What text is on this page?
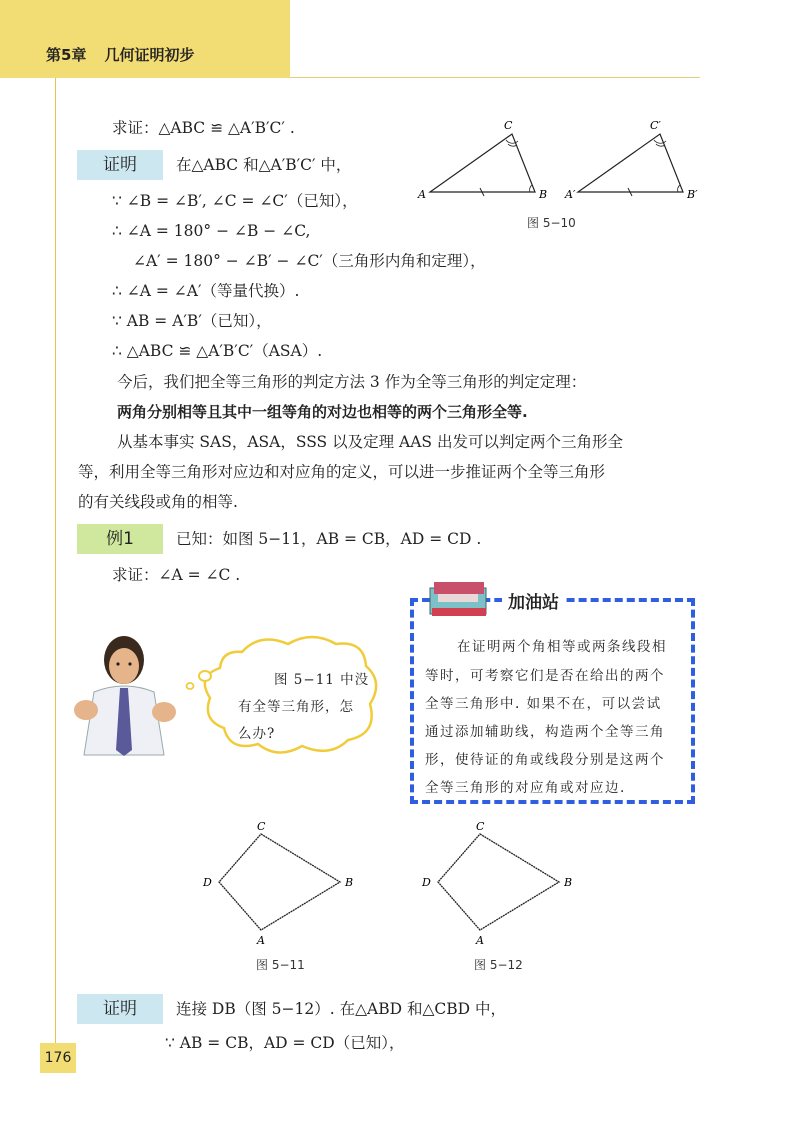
第5章 几何证明初步
176
求证：△ABC ≌ △A′B′C′ .
证明	在△ABC 和△A′B′C′ 中，
∵ ∠B = ∠B′, ∠C = ∠C′（已知），
∴ ∠A = 180° − ∠B − ∠C,
∠A′ = 180° − ∠B′ − ∠C′（三角形内角和定理），
∴ ∠A = ∠A′（等量代换）.
∵ AB = A′B′（已知），
∴ △ABC ≌ △A′B′C′（ASA）.
今后，我们把全等三角形的判定方法 3 作为全等三角形的判定定理：
两角分别相等且其中一组等角的对边也相等的两个三角形全等.
从基本事实 SAS，ASA，SSS 以及定理 AAS 出发可以判定两个三角形全
等，利用全等三角形对应边和对应角的定义，可以进一步推证两个全等三角形
的有关线段或角的相等.
A	B
C
A′	B′
C′
图 5−10
例1	已知：如图 5−11，AB = CB，AD = CD .
求证：∠A = ∠C .
图 5−11 中没
有全等三角形，怎
么办?
加油站
在证明两个角相等或两条线段相
等时，可考察它们是否在给出的两个
全等三角形中. 如果不在，可以尝试
通过添加辅助线，构造两个全等三角
形，使待证的角或线段分别是这两个
全等三角形的对应角或对应边.
C
B
A
D
图 5−11
C
B
A
D
图 5−12
证明	连接 DB（图 5−12）. 在△ABD 和△CBD 中，
∵ AB = CB，AD = CD（已知），
